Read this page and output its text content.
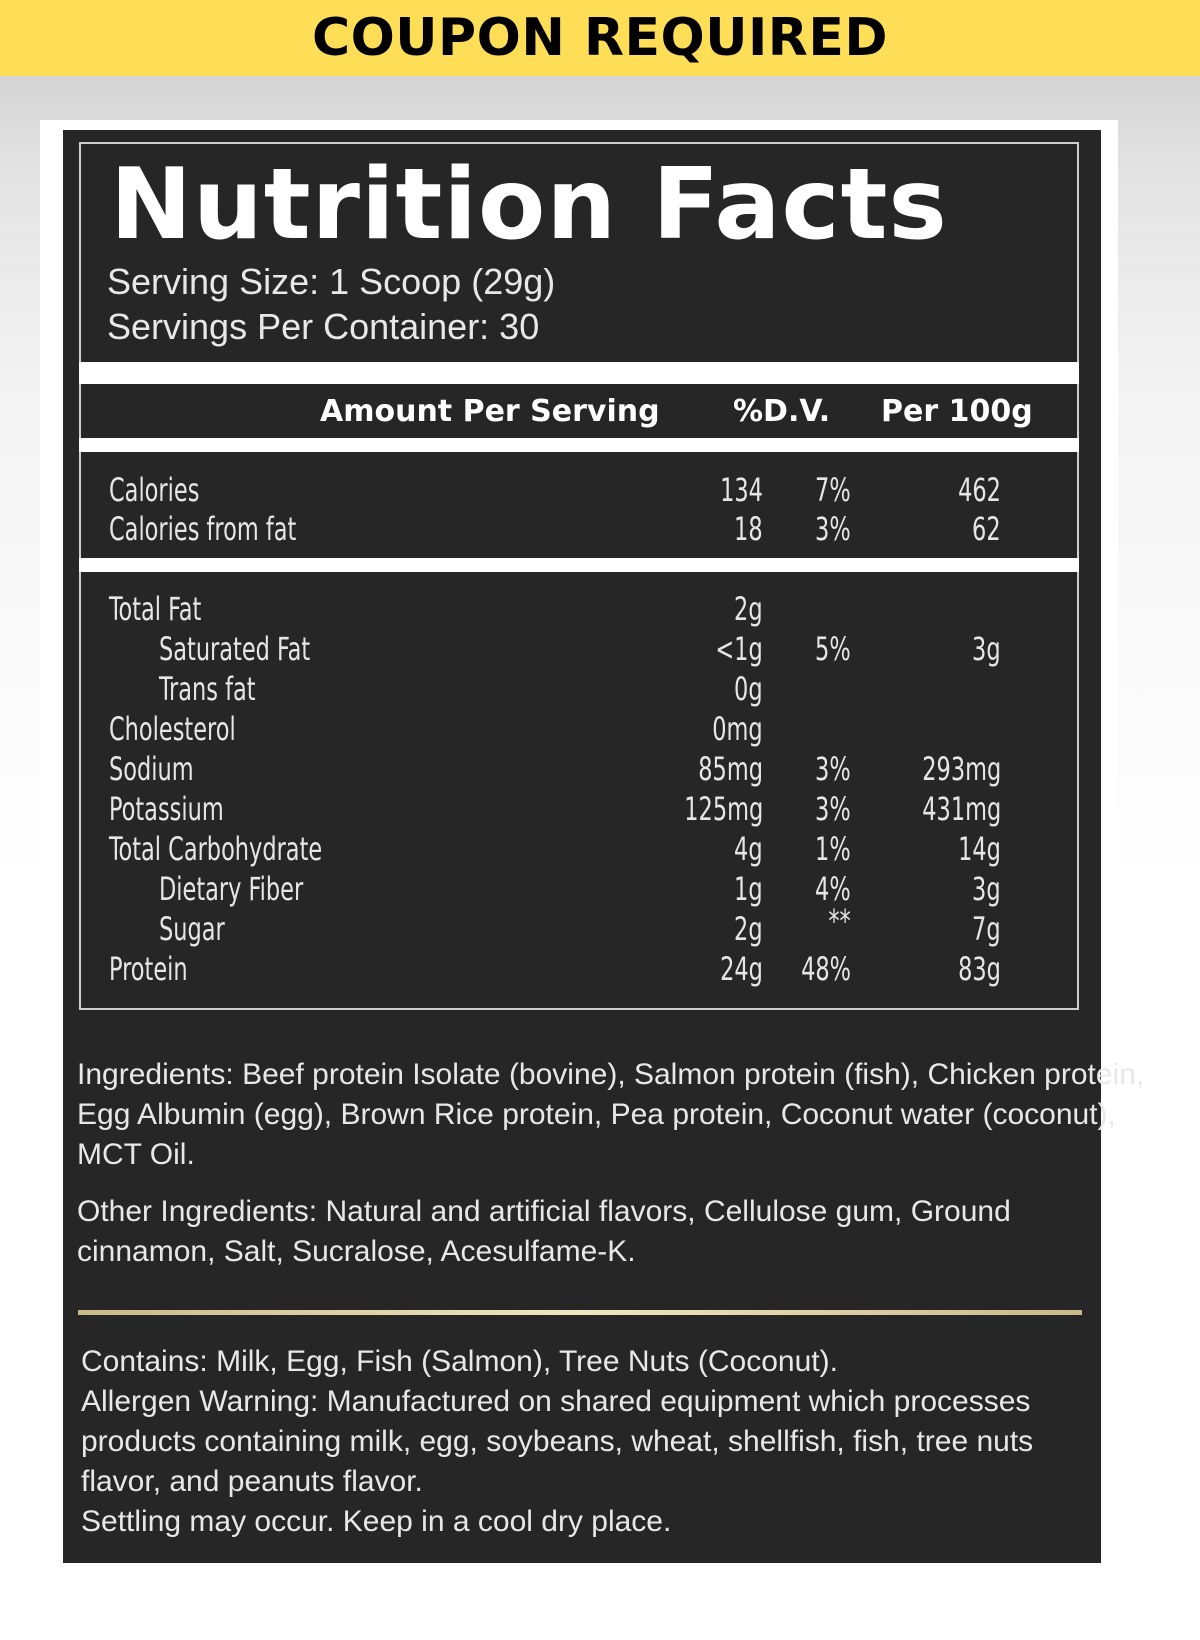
COUPON REQUIRED
Nutrition Facts
Serving Size: 1 Scoop (29g)
Servings Per Container: 30
Amount Per Serving %D.V. Per 100g
Calories	134 7%	462
Calories from fat	18 3%	62
Total Fat	2g
Saturated Fat	<1g 5%	3g
Trans fat	0g
Cholesterol	0mg
Sodium	85mg 3% 293mg
Potassium	125mg 3% 431mg
Total Carbohydrate	4g 1%	14g
Dietary Fiber	1g 4%	3g
Sugar	2g **	7g
Protein	24g 48%	83g
Ingredients: Beef protein Isolate (bovine), Salmon protein (fish), Chicken protein,
Egg Albumin (egg), Brown Rice protein, Pea protein, Coconut water (coconut),
MCT Oil.
Other Ingredients: Natural and artificial flavors, Cellulose gum, Ground
cinnamon, Salt, Sucralose, Acesulfame-K.
Contains: Milk, Egg, Fish (Salmon), Tree Nuts (Coconut).
Allergen Warning: Manufactured on shared equipment which processes
products containing milk, egg, soybeans, wheat, shellfish, fish, tree nuts
flavor, and peanuts flavor.
Settling may occur. Keep in a cool dry place.
